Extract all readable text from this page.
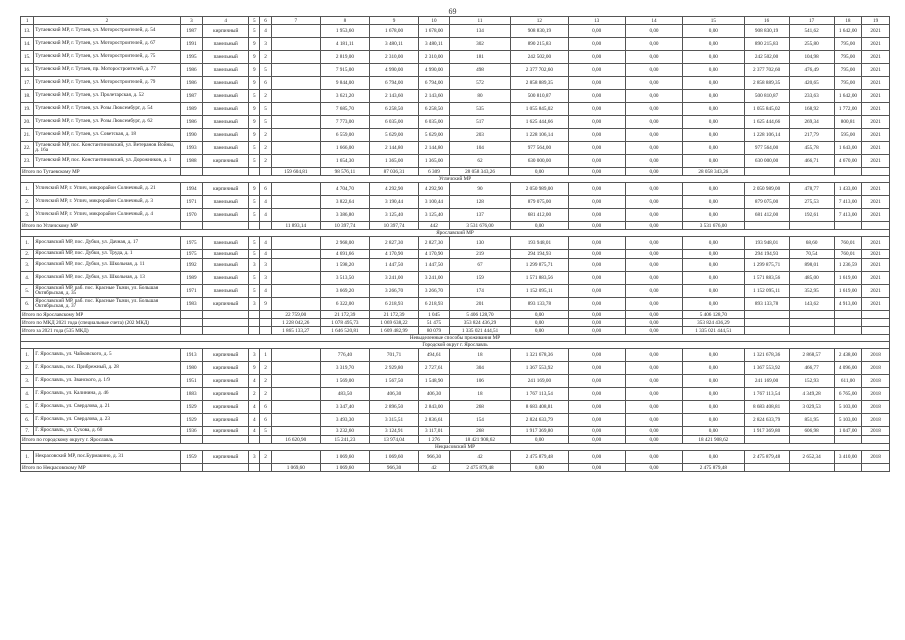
69
1	2	3	4	5	6	7	8	9	10	11	12	13	14	15	16	17	18	19
13.	Тутаевский МР, г. Тутаев, ул. Моторостроителей, д. 54	1987	кирпичный	5	4		1 953,60	1 678,00	1 678,00	134	908 830,19	0,00	0,00	0,00	908 830,19	541,62	1 642,00	2021
14.	Тутаевский МР, г. Тутаев, ул. Моторостроителей, д. 67	1991	панельный	9	3		4 181,11	3 480,11	3 480,11	302	890 215,83	0,00	0,00	0,00	890 215,83	255,80	795,00	2021
15.	Тутаевский МР, г. Тутаев, ул. Моторостроителей, д. 75	1995	панельный	9	2		2 819,00	2 310,00	2 310,00	181	242 502,00	0,00	0,00	0,00	242 502,00	104,98	795,00	2021
16.	Тутаевский МР, г. Тутаев, пр. Моторостроителей, д. 77	1986	панельный	9	5		7 915,00	4 990,00	4 990,00	498	2 377 702,60	0,00	0,00	0,00	2 377 702,60	476,49	795,00	2021
17.	Тутаевский МР, г. Тутаев, ул. Моторостроителей, д. 79	1986	панельный	9	6		9 844,00	6 794,00	6 794,00	572	2 858 889,35	0,00	0,00	0,00	2 858 889,35	420,65	795,00	2021
18.	Тутаевский МР, г. Тутаев, ул. Пролетарская, д. 52	1987	панельный	5	2		3 621,20	2 143,60	2 143,60	80	500 810,87	0,00	0,00	0,00	500 810,87	233,63	1 642,00	2021
19.	Тутаевский МР, г. Тутаев, ул. Розы Люксембург, д. 54	1989	панельный	9	5		7 685,70	6 258,50	6 258,50	535	1 055 845,02	0,00	0,00	0,00	1 055 845,02	168,92	1 772,00	2021
20.	Тутаевский МР, г. Тутаев, ул. Розы Люксембург, д. 62	1986	панельный	9	5		7 773,00	6 035,00	6 035,00	517	1 625 444,66	0,00	0,00	0,00	1 625 444,66	269,34	800,81	2021
21.	Тутаевский МР, г. Тутаев, ул. Советская, д. 18	1990	панельный	9	2		6 559,00	5 629,00	5 629,00	203	1 228 106,14	0,00	0,00	0,00	1 228 106,14	217,79	595,00	2021
22.	Тутаевский МР, пос. Константиновский, ул. Ветеранов Войны, д. 16а	1993	панельный	5	2		1 666,00	2 144,80	2 144,80	104	977 564,00	0,00	0,00	0,00	977 564,00	455,78	1 643,00	2021
23.	Тутаевский МР, пос. Константиновский, ул. Дорожников, д. 1	1988	кирпичный	5	2		1 654,30	1 365,00	1 365,00	62	630 000,00	0,00	0,00	0,00	630 000,00	466,71	4 670,00	2021
Итого по Тутаевскому МР						159 604,81	98 576,11	87 036,31	6 309	28 058 343,26	0,00	0,00	0,00	28 058 343,26				
Угличский МР																		
1.	Угличский МР, г. Углич, микрорайон Солнечный, д. 21	1994	кирпичный	9	6		4 704,70	4 292,90	4 292,90	90	2 050 989,00	0,00	0,00	0,00	2 050 989,00	478,77	1 433,00	2021
2.	Угличский МР, г. Углич, микрорайон Солнечный, д. 3	1971	панельный	5	4		3 822,64	3 190,44	3 100,44	128	879 075,00	0,00	0,00	0,00	879 075,00	275,53	7 413,00	2021
3.	Угличский МР, г. Углич, микрорайон Солнечный, д. 4	1970	панельный	5	4		3 386,80	3 125,40	3 125,40	137	681 412,00	0,00	0,00	0,00	681 412,00	192,61	7 413,00	2021
Итого по Угличскому МР						11 893,14	10 397,74	10 397,74	442	3 531 676,00	0,00	0,00	0,00	3 531 676,00				
Ярославский МР																		
1.	Ярославский МР, пос. Дубки, ул. Дачная, д. 17	1975	панельный	5	4		2 968,00	2 827,30	2 827,30	130	193 948,01	0,00	0,00	0,00	193 948,01	68,60	760,01	2021
2.	Ярославский МР, пос. Дубки, ул. Труда, д. 1	1975	панельный	5	4		4 691,66	4 170,90	4 170,90	219	294 194,93	0,00	0,00	0,00	294 194,93	70,54	760,01	2021
3.	Ярославский МР, пос. Дубки, ул. Школьная, д. 11	1992	панельный	3	3		1 598,20	1 447,50	1 447,50	67	1 299 875,71	0,00	0,00	0,00	1 299 875,71	898,01	1 236,59	2021
4.	Ярославский МР, пос. Дубки, ул. Школьная, д. 13	1989	панельный	5	3		3 513,50	3 241,00	3 241,00	159	1 571 883,56	0,00	0,00	0,00	1 571 883,56	485,00	1 619,00	2021
5.	Ярославский МР, раб. пос. Красные Ткачи, ул. Большая Октябрьская, д. 35	1971	панельный	5	4		3 669,20	3 266,70	3 266,70	174	1 152 095,11	0,00	0,00	0,00	1 152 095,11	352,95	1 619,00	2021
6.	Ярославский МР, раб. пос. Красные Ткачи, ул. Большая Октябрьская, д. 37	1983	кирпичный	3	9		6 322,00	6 218,93	6 218,93	201	893 133,78	0,00	0,00	0,00	893 133,78	143,62	4 913,00	2021
Итого по Ярославскому МР						22 759,00	21 172,39	21 172,39	1 045	5 406 128,70	0,00	0,00	0,00	5 406 128,70				
Итого по МКД 2021 года (специальные счета) (202 МКД)						1 228 042,26	1 078 495,73	1 069 638,22	51 475	353 824 436,29	0,00	0,00	0,00	353 824 436,29				
Итого за 2021 года (535 МКД)						1 865 133,27	1 646 520,81	1 609 482,99	80 079	1 335 021 444,51	0,00	0,00	0,00	1 335 021 444,51				
Невыделенные способы проживания МР																		
Городской округ г. Ярославль																		
1.	Г. Ярославль, ул. Чайковского, д. 5	1913	кирпичный	3	1		776,40	701,71	494,61	18	1 321 678,36	0,00	0,00	0,00	1 321 678,36	2 868,57	2 438,00	2018
2.	Г. Ярославль, пос. Прибрежный, д. 28	1980	кирпичный	9	2		3 319,70	2 929,80	2 727,61	304	1 367 553,92	0,00	0,00	0,00	1 367 553,92	466,77	4 096,00	2018
3.	Г. Ярославль, ул. Званского, д. 1/9	1951	кирпичный	4	2		1 569,00	1 567,50	1 548,90	106	241 169,00	0,00	0,00	0,00	241 169,00	152,93	611,00	2018
4.	Г. Ярославль, ул. Калинина, д. 46	1883	кирпичный	2	2		483,50	406,30	406,30	18	1 767 113,54	0,00	0,00	0,00	1 767 113,54	4 349,28	6 765,00	2018
5.	Г. Ярославль, ул. Свердлова, д. 21	1929	кирпичный	4	6		3 347,40	2 896,50	2 843,00	268	8 683 408,81	0,00	0,00	0,00	8 683 408,81	3 029,53	5 103,00	2018
6.	Г. Ярославль, ул. Свердлова, д. 23	1929	кирпичный	4	6		3 493,30	3 315,51	2 836,61	154	2 824 633,79	0,00	0,00	0,00	2 824 633,79	851,95	5 103,00	2018
7.	Г. Ярославль, ул. Сухова, д. 60	1936	кирпичный	4	5		3 232,60	3 124,91	3 117,01	268	1 917 369,80	0,00	0,00	0,00	1 917 369,80	606,98	1 047,00	2018
Итого по городскому округу г. Ярославль						16 620,90	15 241,23	13 974,04	1 276	18 421 908,62	0,00	0,00	0,00	18 421 908,62				
Некрасовский МР																		
1.	Некрасовский МР, пос.Бурмакино, д. 31	1959	кирпичный	3	2		1 069,60	1 069,60	966,30	42	2 475 879,48	0,00	0,00	0,00	2 475 879,48	2 652,34	3 410,00	2018
Итого по Некрасовскому МР						1 069,60	1 069,60	966,30	42	2 475 879,48	0,00	0,00	0,00	2 475 879,48				
